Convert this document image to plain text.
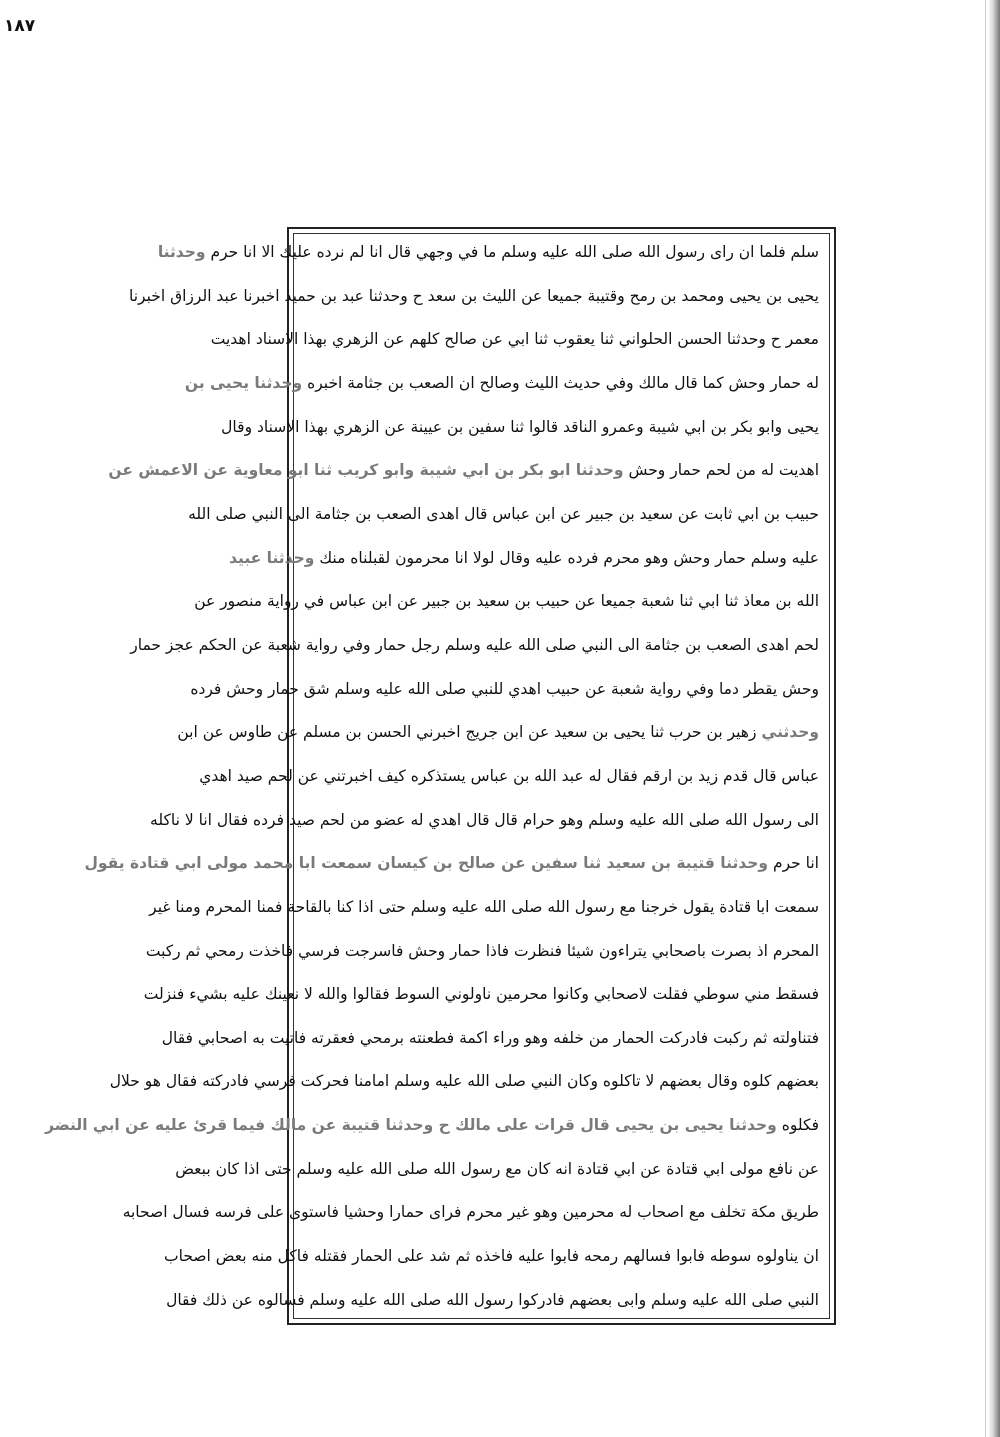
١٨٧
سلم فلما ان رای رسول الله صلى الله عليه وسلم ما في وجهي قال انا لم نرده عليك الا انا حرم وحدثنا
يحيى بن يحيى ومحمد بن رمح وقتيبة جميعا عن الليث بن سعد ح وحدثنا عبد بن حميد اخبرنا عبد الرزاق اخبرنا
معمر ح وحدثنا الحسن الحلواني ثنا يعقوب ثنا ابي عن صالح كلهم عن الزهري بهذا الاسناد اهديت
له حمار وحش كما قال مالك وفي حديث الليث وصالح ان الصعب بن جثامة اخبره وحدثنا يحيى بن
يحيى وابو بكر بن ابي شيبة وعمرو الناقد قالوا ثنا سفين بن عيينة عن الزهري بهذا الاسناد وقال
اهديت له من لحم حمار وحش وحدثنا ابو بكر بن ابي شيبة وابو كريب ثنا ابو معاوية عن الاعمش عن
حبيب بن ابي ثابت عن سعيد بن جبير عن ابن عباس قال اهدى الصعب بن جثامة الى النبي صلى الله
عليه وسلم حمار وحش وهو محرم فرده عليه وقال لولا انا محرمون لقبلناه منك وحدثنا عبيد
الله بن معاذ ثنا ابي ثنا شعبة جميعا عن حبيب بن سعيد بن جبير عن ابن عباس في رواية منصور عن
لحم اهدى الصعب بن جثامة الى النبي صلى الله عليه وسلم رجل حمار وفي رواية شعبة عن الحكم عجز حمار
وحش يقطر دما وفي رواية شعبة عن حبيب اهدي للنبي صلى الله عليه وسلم شق حمار وحش فرده
وحدثني زهير بن حرب ثنا يحيى بن سعيد عن ابن جريج اخبرني الحسن بن مسلم عن طاوس عن ابن
عباس قال قدم زيد بن ارقم فقال له عبد الله بن عباس يستذكره كيف اخبرتني عن لحم صيد اهدي
الى رسول الله صلى الله عليه وسلم وهو حرام قال قال اهدي له عضو من لحم صيد فرده فقال انا لا ناكله
انا حرم وحدثنا قتيبة بن سعيد ثنا سفين عن صالح بن كيسان سمعت ابا محمد مولى ابي قتادة يقول
سمعت ابا قتادة يقول خرجنا مع رسول الله صلى الله عليه وسلم حتى اذا كنا بالقاحة فمنا المحرم ومنا غير
المحرم اذ بصرت باصحابي يتراءون شيئا فنظرت فاذا حمار وحش فاسرجت فرسي فاخذت رمحي ثم ركبت
فسقط مني سوطي فقلت لاصحابي وكانوا محرمين ناولوني السوط فقالوا والله لا نعينك عليه بشيء فنزلت
فتناولته ثم ركبت فادركت الحمار من خلفه وهو وراء اكمة فطعنته برمحي فعقرته فاتيت به اصحابي فقال
بعضهم كلوه وقال بعضهم لا تاكلوه وكان النبي صلى الله عليه وسلم امامنا فحركت فرسي فادركته فقال هو حلال
فكلوه وحدثنا يحيى بن يحيى قال قرات على مالك ح وحدثنا قتيبة عن مالك فيما قرئ عليه عن ابي النضر
عن نافع مولى ابي قتادة عن ابي قتادة انه كان مع رسول الله صلى الله عليه وسلم حتى اذا كان ببعض
طريق مكة تخلف مع اصحاب له محرمين وهو غير محرم فراى حمارا وحشيا فاستوى على فرسه فسال اصحابه
ان يناولوه سوطه فابوا فسالهم رمحه فابوا عليه فاخذه ثم شد على الحمار فقتله فاكل منه بعض اصحاب
النبي صلى الله عليه وسلم وابى بعضهم فادركوا رسول الله صلى الله عليه وسلم فسالوه عن ذلك فقال
